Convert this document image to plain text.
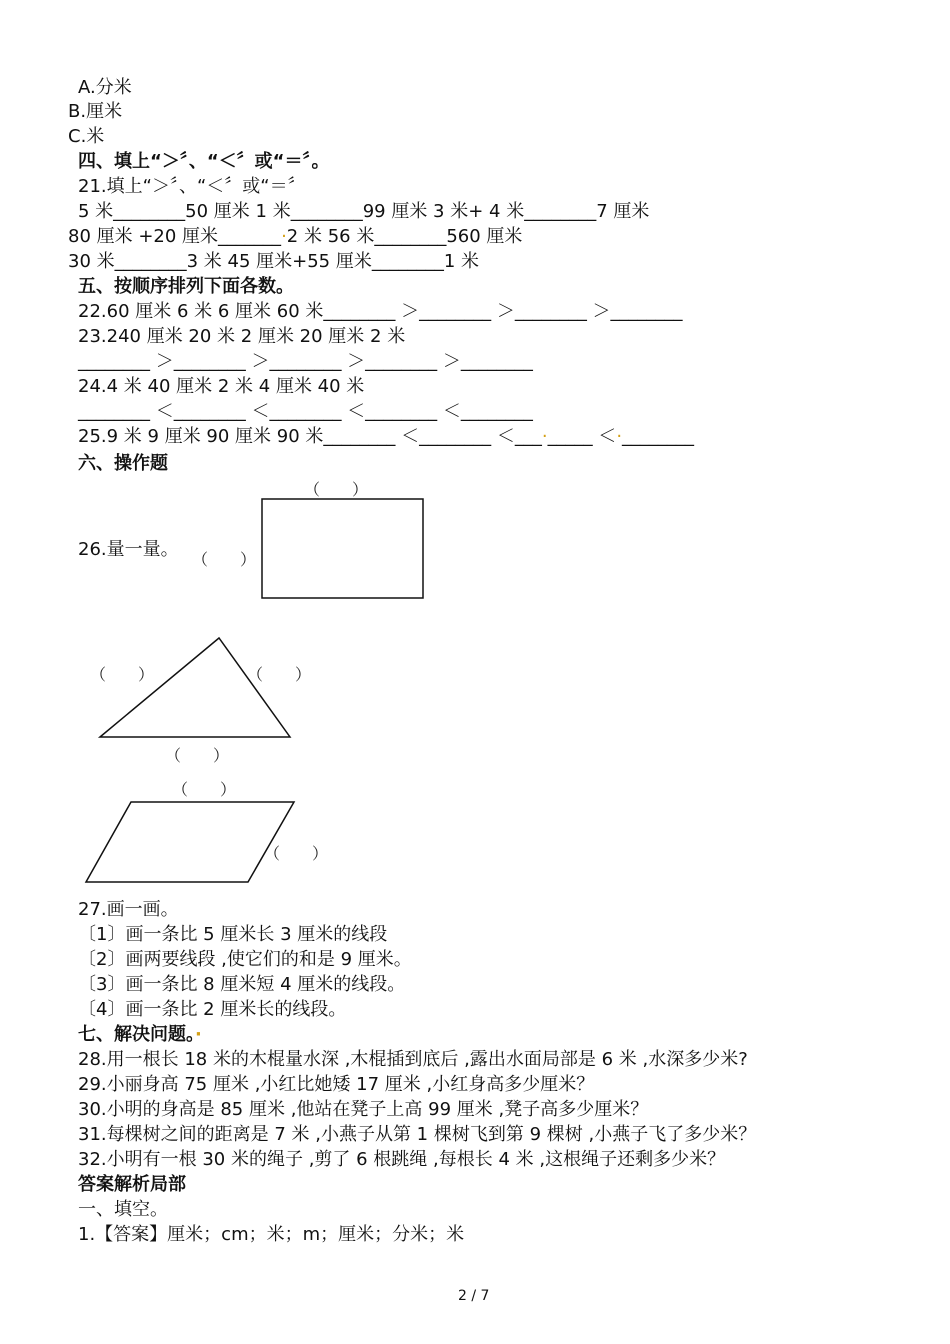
A.分米
B.厘米
C.米
四、填上“＞〞、“＜〞或“＝〞。
21.填上“＞〞、“＜〞或“＝〞
5 米________50 厘米 1 米________99 厘米 3 米+ 4 米________7 厘米
80 厘米 +20 厘米_______·2 米 56 米________560 厘米
30 米________3 米 45 厘米+55 厘米________1 米
五、按顺序排列下面各数。
22.60 厘米 6 米 6 厘米 60 米________ ＞________ ＞________ ＞________
23.240 厘米 20 米 2 厘米 20 厘米 2 米
________ ＞________ ＞________ ＞________ ＞________
24.4 米 40 厘米 2 米 4 厘米 40 米
________ ＜________ ＜________ ＜________ ＜________
25.9 米 9 厘米 90 厘米 90 米________ ＜________ ＜___·_____ ＜·________
六、操作题
26.量一量。
（　　）
（　　）
（　　）	（　　）
（　　）
（　　）
（　　）
27.画一画。
〔1〕画一条比 5 厘米长 3 厘米的线段
〔2〕画两要线段 ,使它们的和是 9 厘米。
〔3〕画一条比 8 厘米短 4 厘米的线段。
〔4〕画一条比 2 厘米长的线段。
七、解决问题。·
28.用一根长 18 米的木棍量水深 ,木棍插到底后 ,露出水面局部是 6 米 ,水深多少米?
29.小丽身高 75 厘米 ,小红比她矮 17 厘米 ,小红身高多少厘米？
30.小明的身高是 85 厘米 ,他站在凳子上高 99 厘米 ,凳子高多少厘米？
31.每棵树之间的距离是 7 米 ,小燕子从第 1 棵树飞到第 9 棵树 ,小燕子飞了多少米？
32.小明有一根 30 米的绳子 ,剪了 6 根跳绳 ,每根长 4 米 ,这根绳子还剩多少米？
答案解析局部
一、填空。
1.【答案】厘米；cm；米；m；厘米；分米；米
2 / 7
